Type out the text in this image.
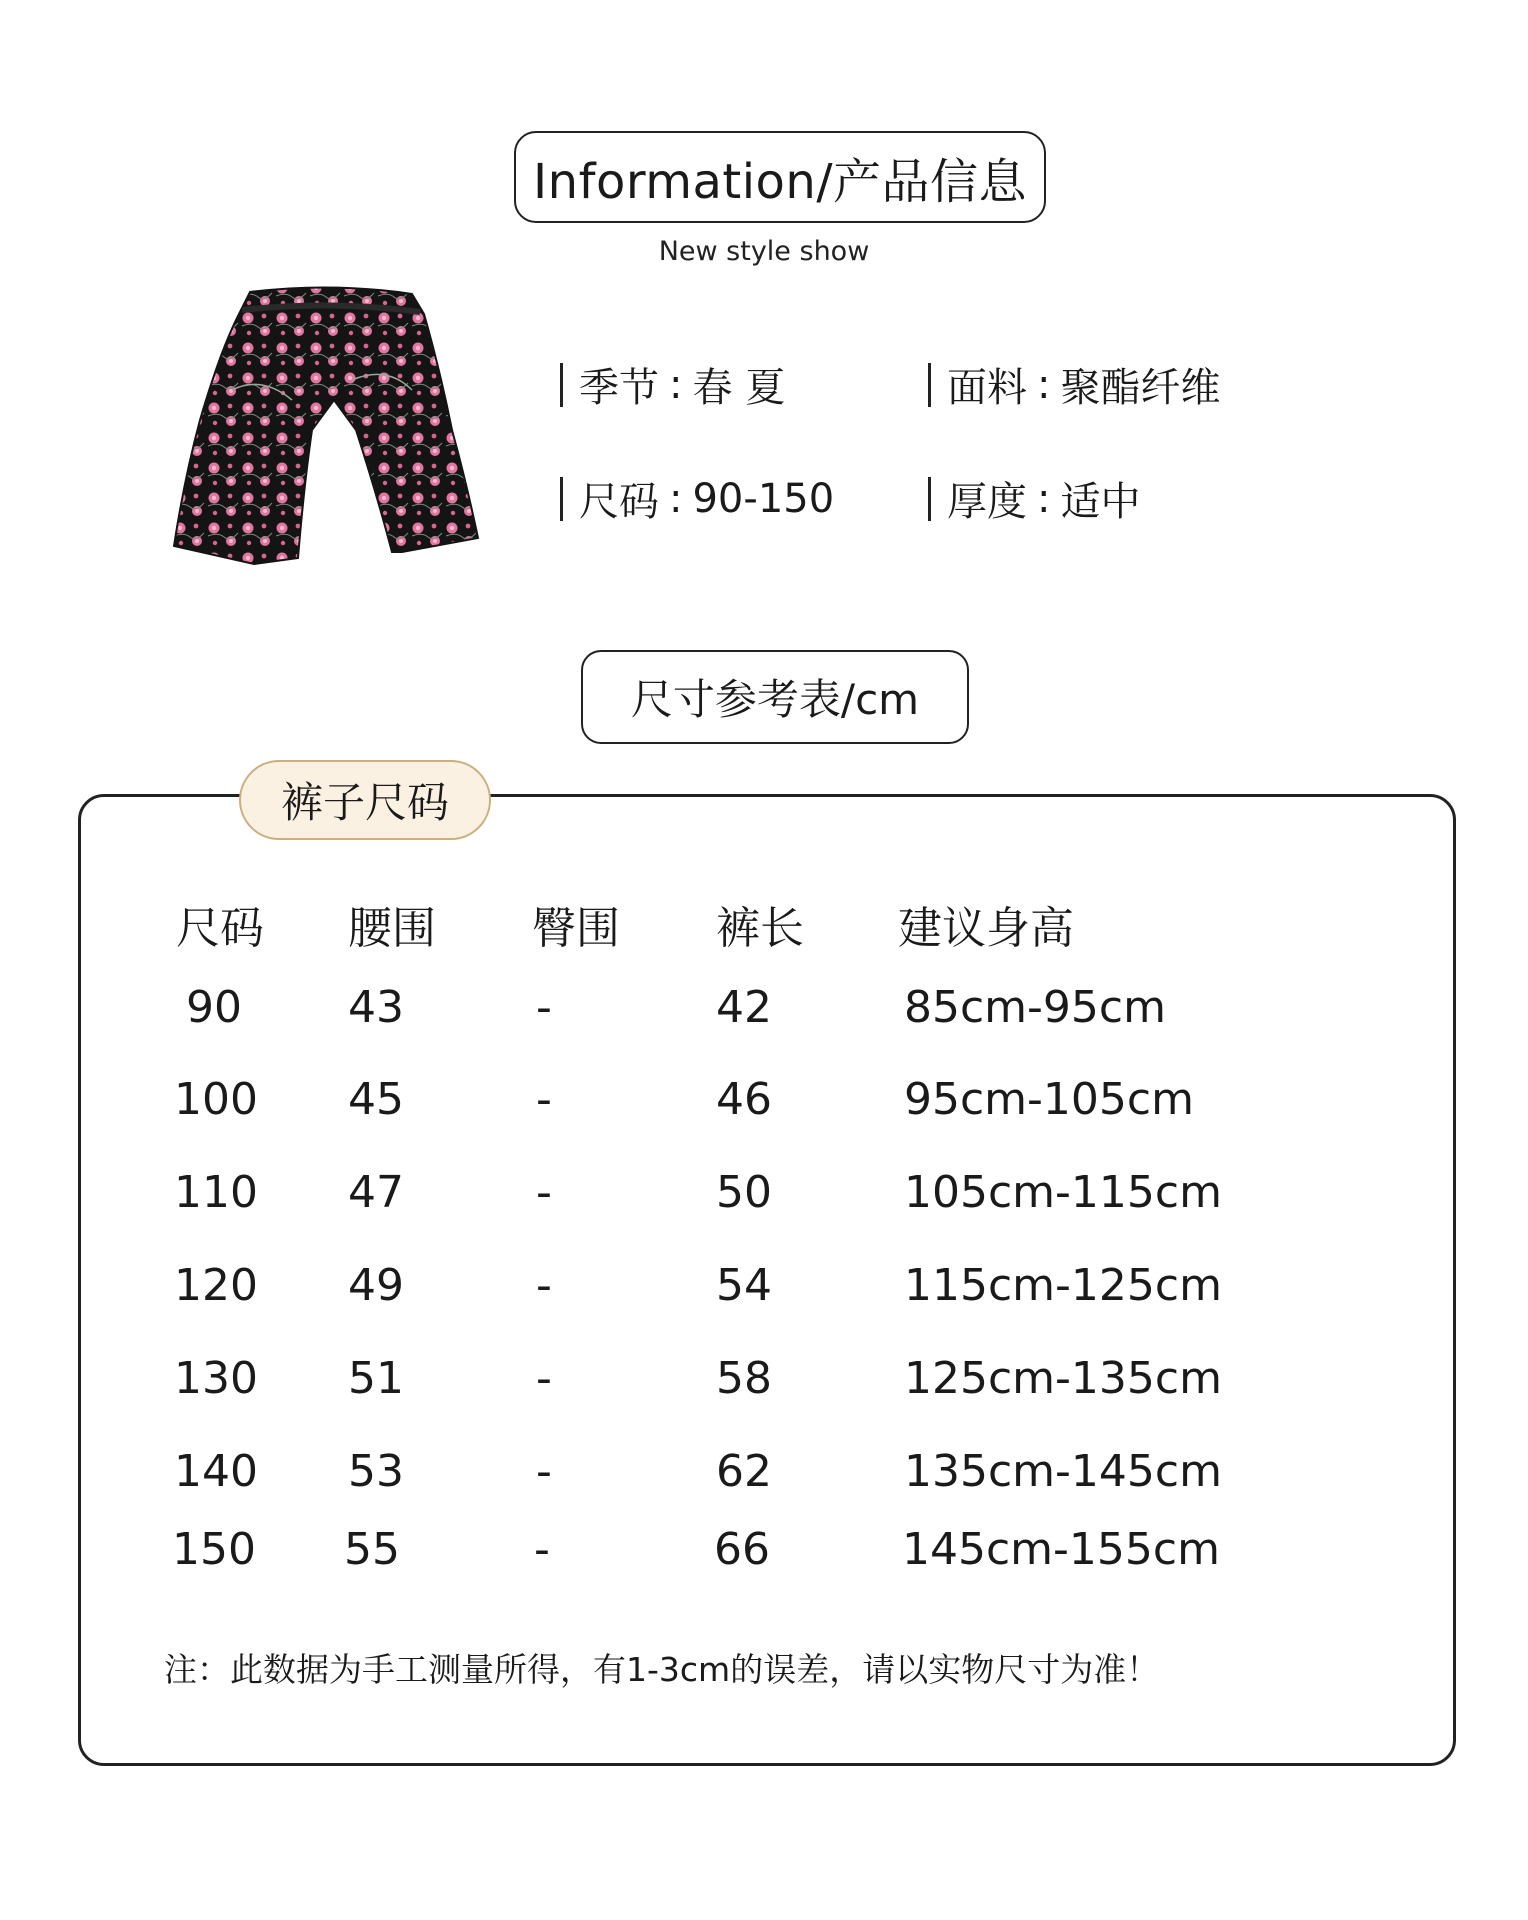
Information/产品信息
New style show
季节 : 春 夏	面料 : 聚酯纤维
尺码 : 90-150	厚度 : 适中
尺寸参考表/cm
裤子尺码
尺码 腰围 臀围 裤长 建议身高
90 43	-	42	85cm-95cm
100 45	-	46	95cm-105cm
110 47	-	50	105cm-115cm
120 49	-	54	115cm-125cm
130 51	-	58	125cm-135cm
140 53	-	62	135cm-145cm
150 55	-	66	145cm-155cm
注：此数据为手工测量所得，有1-3cm的误差，请以实物尺寸为准！
